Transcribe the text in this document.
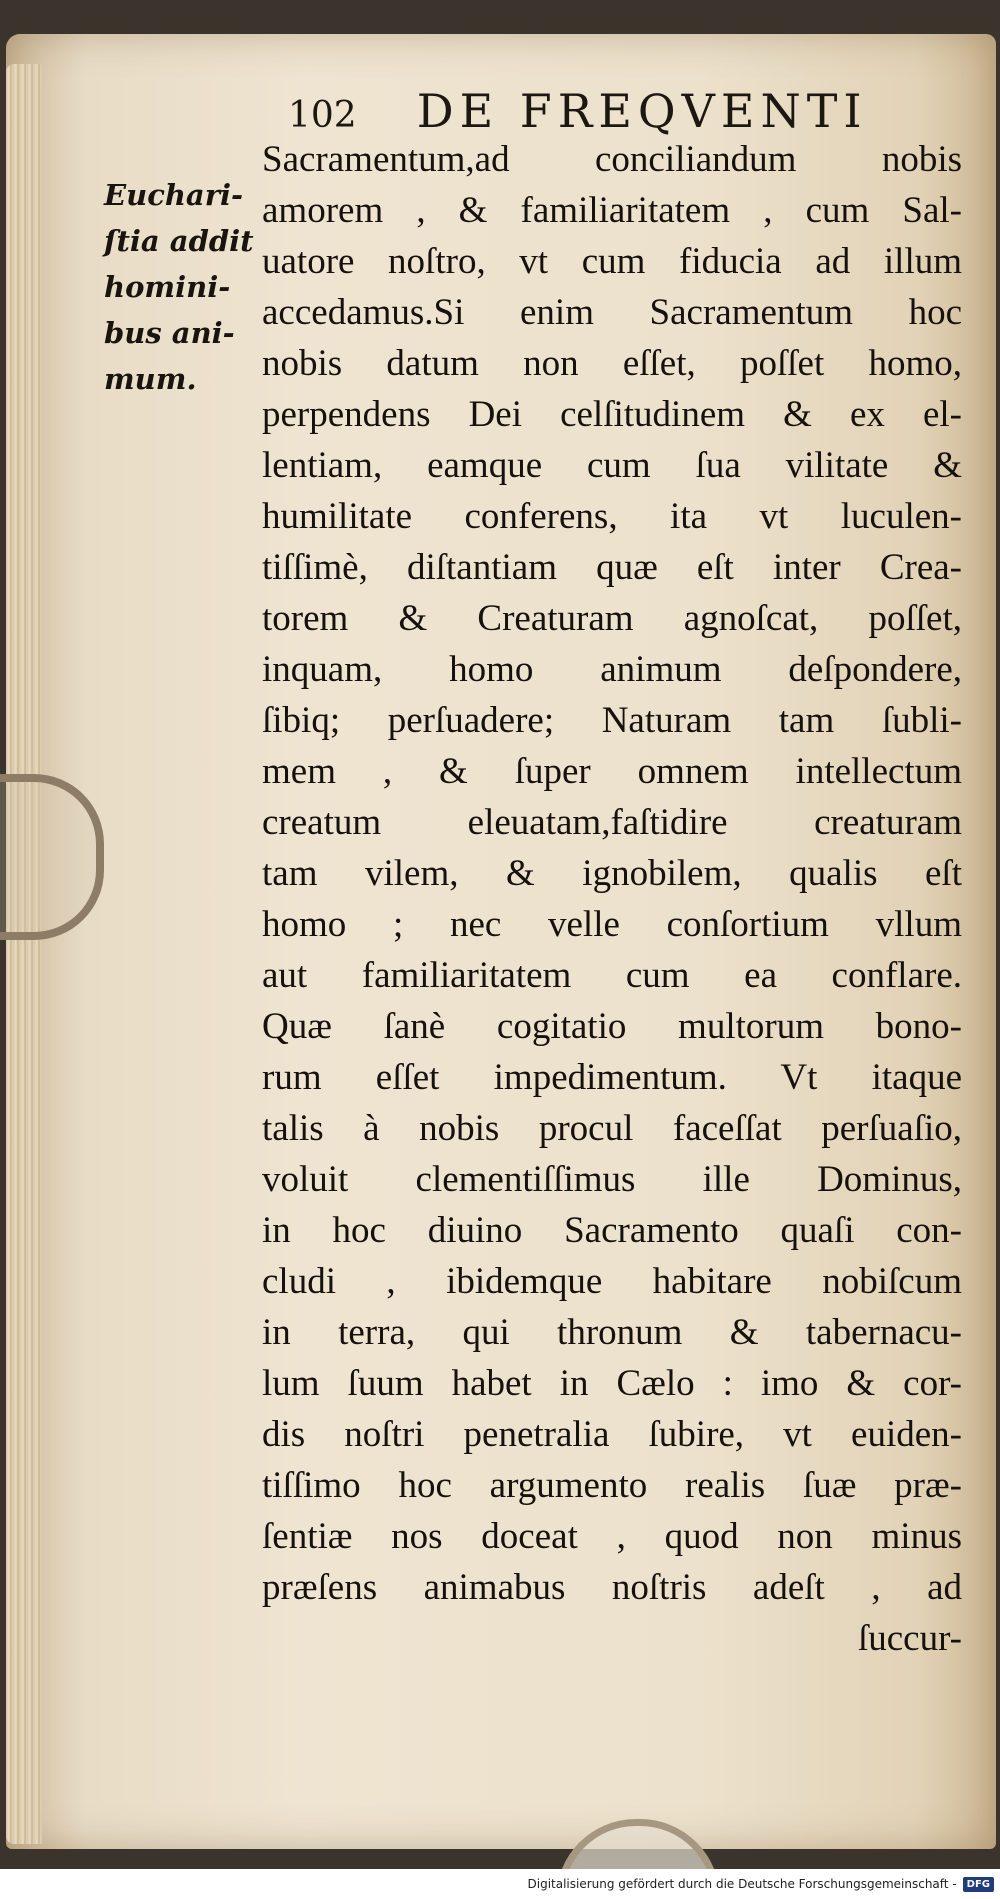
102 DE FREQVENTI
Euchari-
ſtia addit
homini-
bus ani-
mum.
Sacramentum,ad conciliandum nobis
amorem , & familiaritatem , cum Sal-
uatore noſtro, vt cum fiducia ad illum
accedamus.Si enim Sacramentum hoc
nobis datum non eſſet, poſſet homo,
perpendens Dei celſitudinem & ex el-
lentiam, eamque cum ſua vilitate &
humilitate conferens, ita vt luculen-
tiſſimè, diſtantiam quæ eſt inter Crea-
torem & Creaturam agnoſcat, poſſet,
inquam, homo animum deſpondere,
ſibiq; perſuadere; Naturam tam ſubli-
mem , & ſuper omnem intellectum
creatum eleuatam,faſtidire creaturam
tam vilem, & ignobilem, qualis eſt
homo ; nec velle conſortium vllum
aut familiaritatem cum ea conflare.
Quæ ſanè cogitatio multorum bono-
rum eſſet impedimentum. Vt itaque
talis à nobis procul faceſſat perſuaſio,
voluit clementiſſimus ille Dominus,
in hoc diuino Sacramento quaſi con-
cludi , ibidemque habitare nobiſcum
in terra, qui thronum & tabernacu-
lum ſuum habet in Cælo : imo & cor-
dis noſtri penetralia ſubire, vt euiden-
tiſſimo hoc argumento realis ſuæ præ-
ſentiæ nos doceat , quod non minus
præſens animabus noſtris adeſt , ad
ſuccur-
Digitalisierung gefördert durch die Deutsche Forschungsgemeinschaft -	DFG
